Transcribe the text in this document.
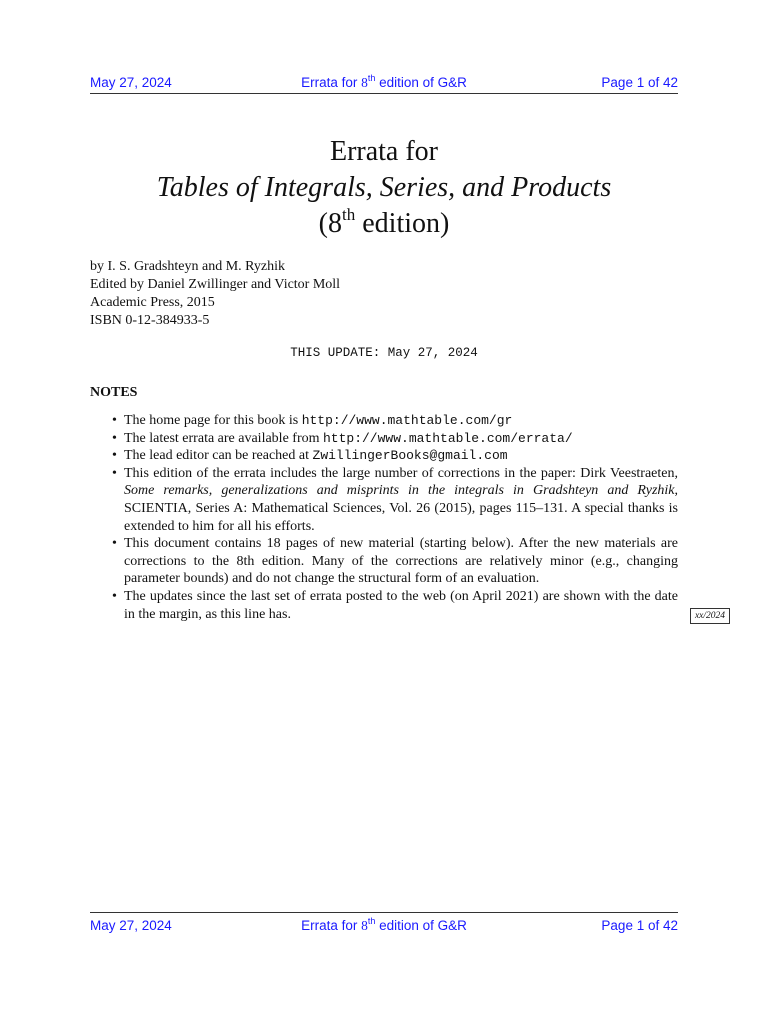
May 27, 2024	Errata for 8th edition of G&R	Page 1 of 42
Errata for
Tables of Integrals, Series, and Products
(8th edition)
by I. S. Gradshteyn and M. Ryzhik
Edited by Daniel Zwillinger and Victor Moll
Academic Press, 2015
ISBN 0-12-384933-5
THIS UPDATE: May 27, 2024
NOTES
• The home page for this book is http://www.mathtable.com/gr
• The latest errata are available from http://www.mathtable.com/errata/
• The lead editor can be reached at ZwillingerBooks@gmail.com
• This edition of the errata includes the large number of corrections in the paper: Dirk Veestraeten, Some remarks, generalizations and misprints in the integrals in Gradshteyn and Ryzhik, SCIENTIA, Series A: Mathematical Sciences, Vol. 26 (2015), pages 115–131. A special thanks is extended to him for all his efforts.
• This document contains 18 pages of new material (starting below). After the new materials are corrections to the 8th edition. Many of the corrections are relatively minor (e.g., changing parameter bounds) and do not change the structural form of an evaluation.
• The updates since the last set of errata posted to the web (on April 2021) are shown with the date in the margin, as this line has.	xx/2024
May 27, 2024	Errata for 8th edition of G&R	Page 1 of 42
